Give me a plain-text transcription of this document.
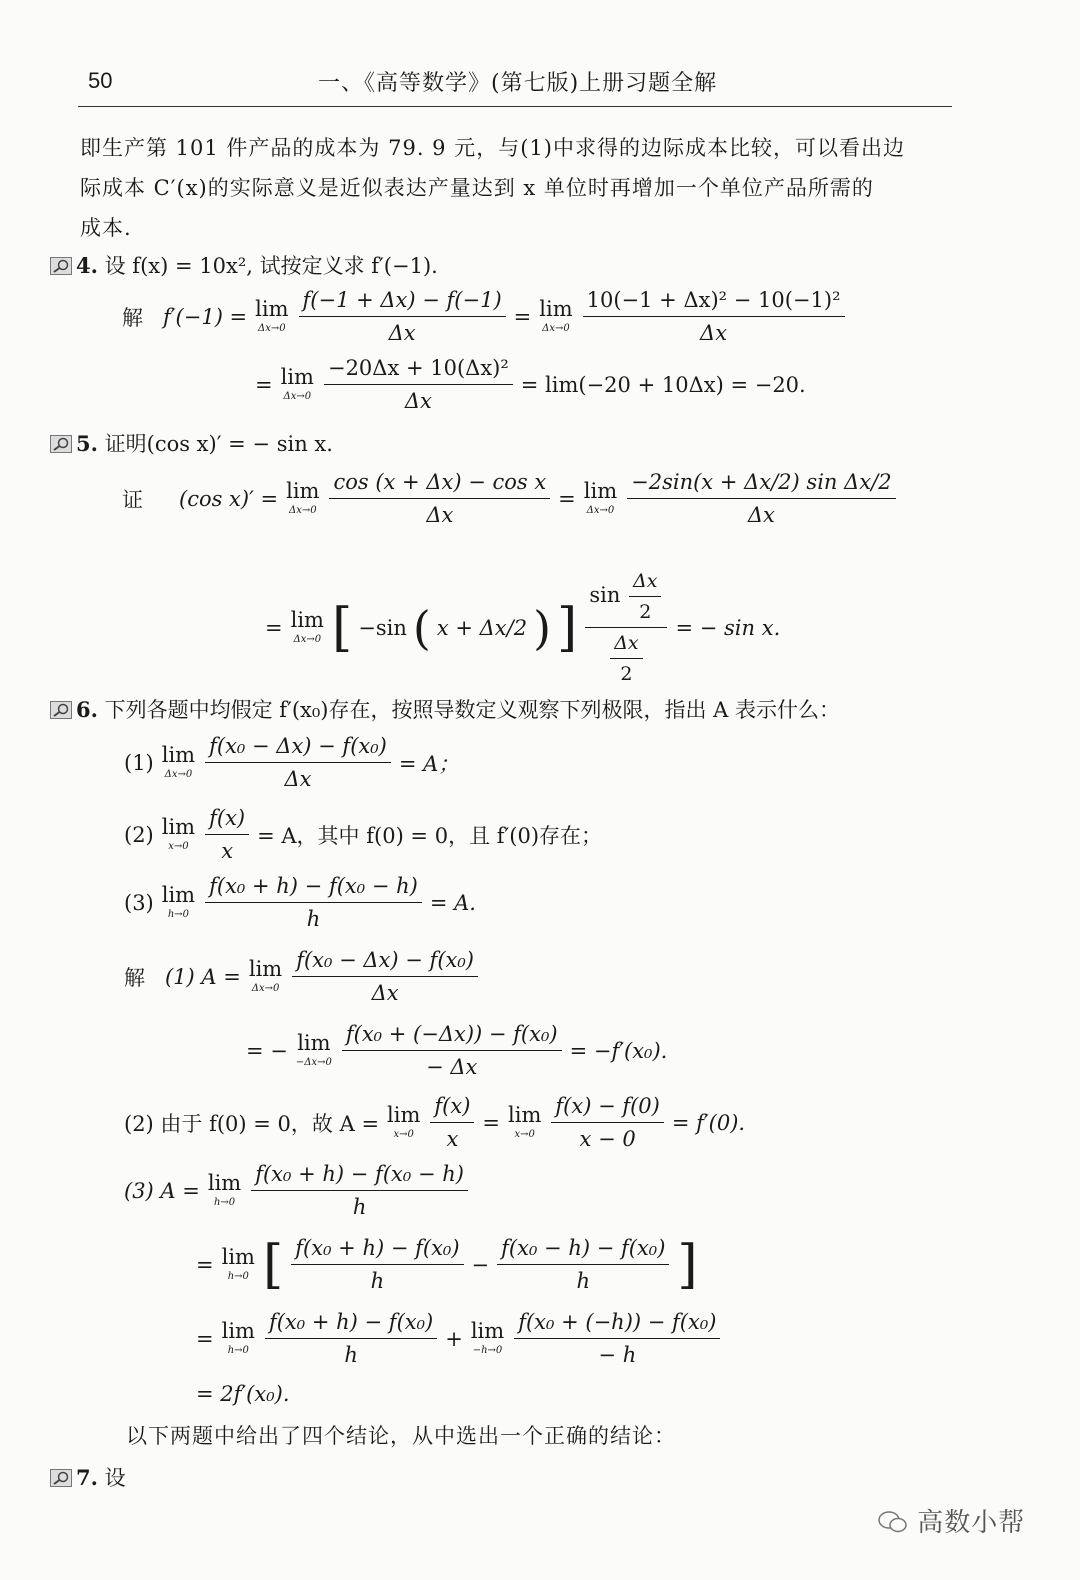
50	一、《高等数学》(第七版)上册习题全解
即生产第 101 件产品的成本为 79. 9 元，与(1)中求得的边际成本比较，可以看出边
际成本 C′(x)的实际意义是近似表达产量达到 x 单位时再增加一个单位产品所需的
成本.
4. 设 f(x) = 10x², 试按定义求 f′(−1).
解 f′(−1) = lim
$\Delta x\to 0 \frac{f(-1 + \Delta x) - f(-1)}{\Delta x} = \lim$
Δx→0
10(−1 + Δx)² − 10(−1)²
Δx
= lim
$\Delta x\to 0 \frac{\text{−20Δx + 10(Δx)²}}{\Delta x} = \lim(-20 + 10\Delta x) = -20$.
5. 证明(cos x)′ = − sin x.
证 (cos x)′ = lim
$\Delta x\to 0 \frac{\text{cos (x + Δx) − cos x}}{\Delta x} = \lim$
Δx→0
−2sin(x + Δx/2) sin Δx/2
Δx
= lim
Δx→0 [ −sin ( x + Δx/2 ) ] $\frac{\sin \frac{\Delta x}{2}}{\frac{\Delta x}{2}}$ = − sin x.
6. 下列各题中均假定 f′(x₀)存在，按照导数定义观察下列极限，指出 A 表示什么：
(1) lim
$\Delta x\to 0 \frac{\text{f(x₀ − Δx) − f(x₀)}}{\Delta x} = A$；
(2) lim
$x\to 0 \frac{f(x)}{x} = A$，其中 f(0) = 0，且 f′(0)存在；
(3) lim
$h\to 0 \frac{\text{f(x₀ + h) − f(x₀ − h)}}{h} = A$.
解 (1) A = lim
Δx→0
f(x₀ − Δx) − f(x₀)
Δx
= − lim
$-\Delta x\to 0 \frac{\text{f(x₀ + (−Δx)) − f(x₀)}}{- \Delta x} = -f'(x_0)$.
(2) 由于 f(0) = 0，故 A = lim
$x\to 0 \frac{f(x)}{x} = \lim$
$x\to 0 \frac{f(x) - f(0)}{x - 0} = f'(0)$.
(3) A = lim
h→0
f(x₀ + h) − f(x₀ − h)
h
= lim
h→0 [ f(x₀ + h) − f(x₀)
h
− $\frac{\text{f(x₀ − h) − f(x₀)}}{h}$ ]
= lim
h→0
f(x₀ + h) − f(x₀)
h
+ lim
−h→0
f(x₀ + (−h)) − f(x₀)
− h
= 2f′(x₀).
以下两题中给出了四个结论，从中选出一个正确的结论：
7. 设
高数小帮
